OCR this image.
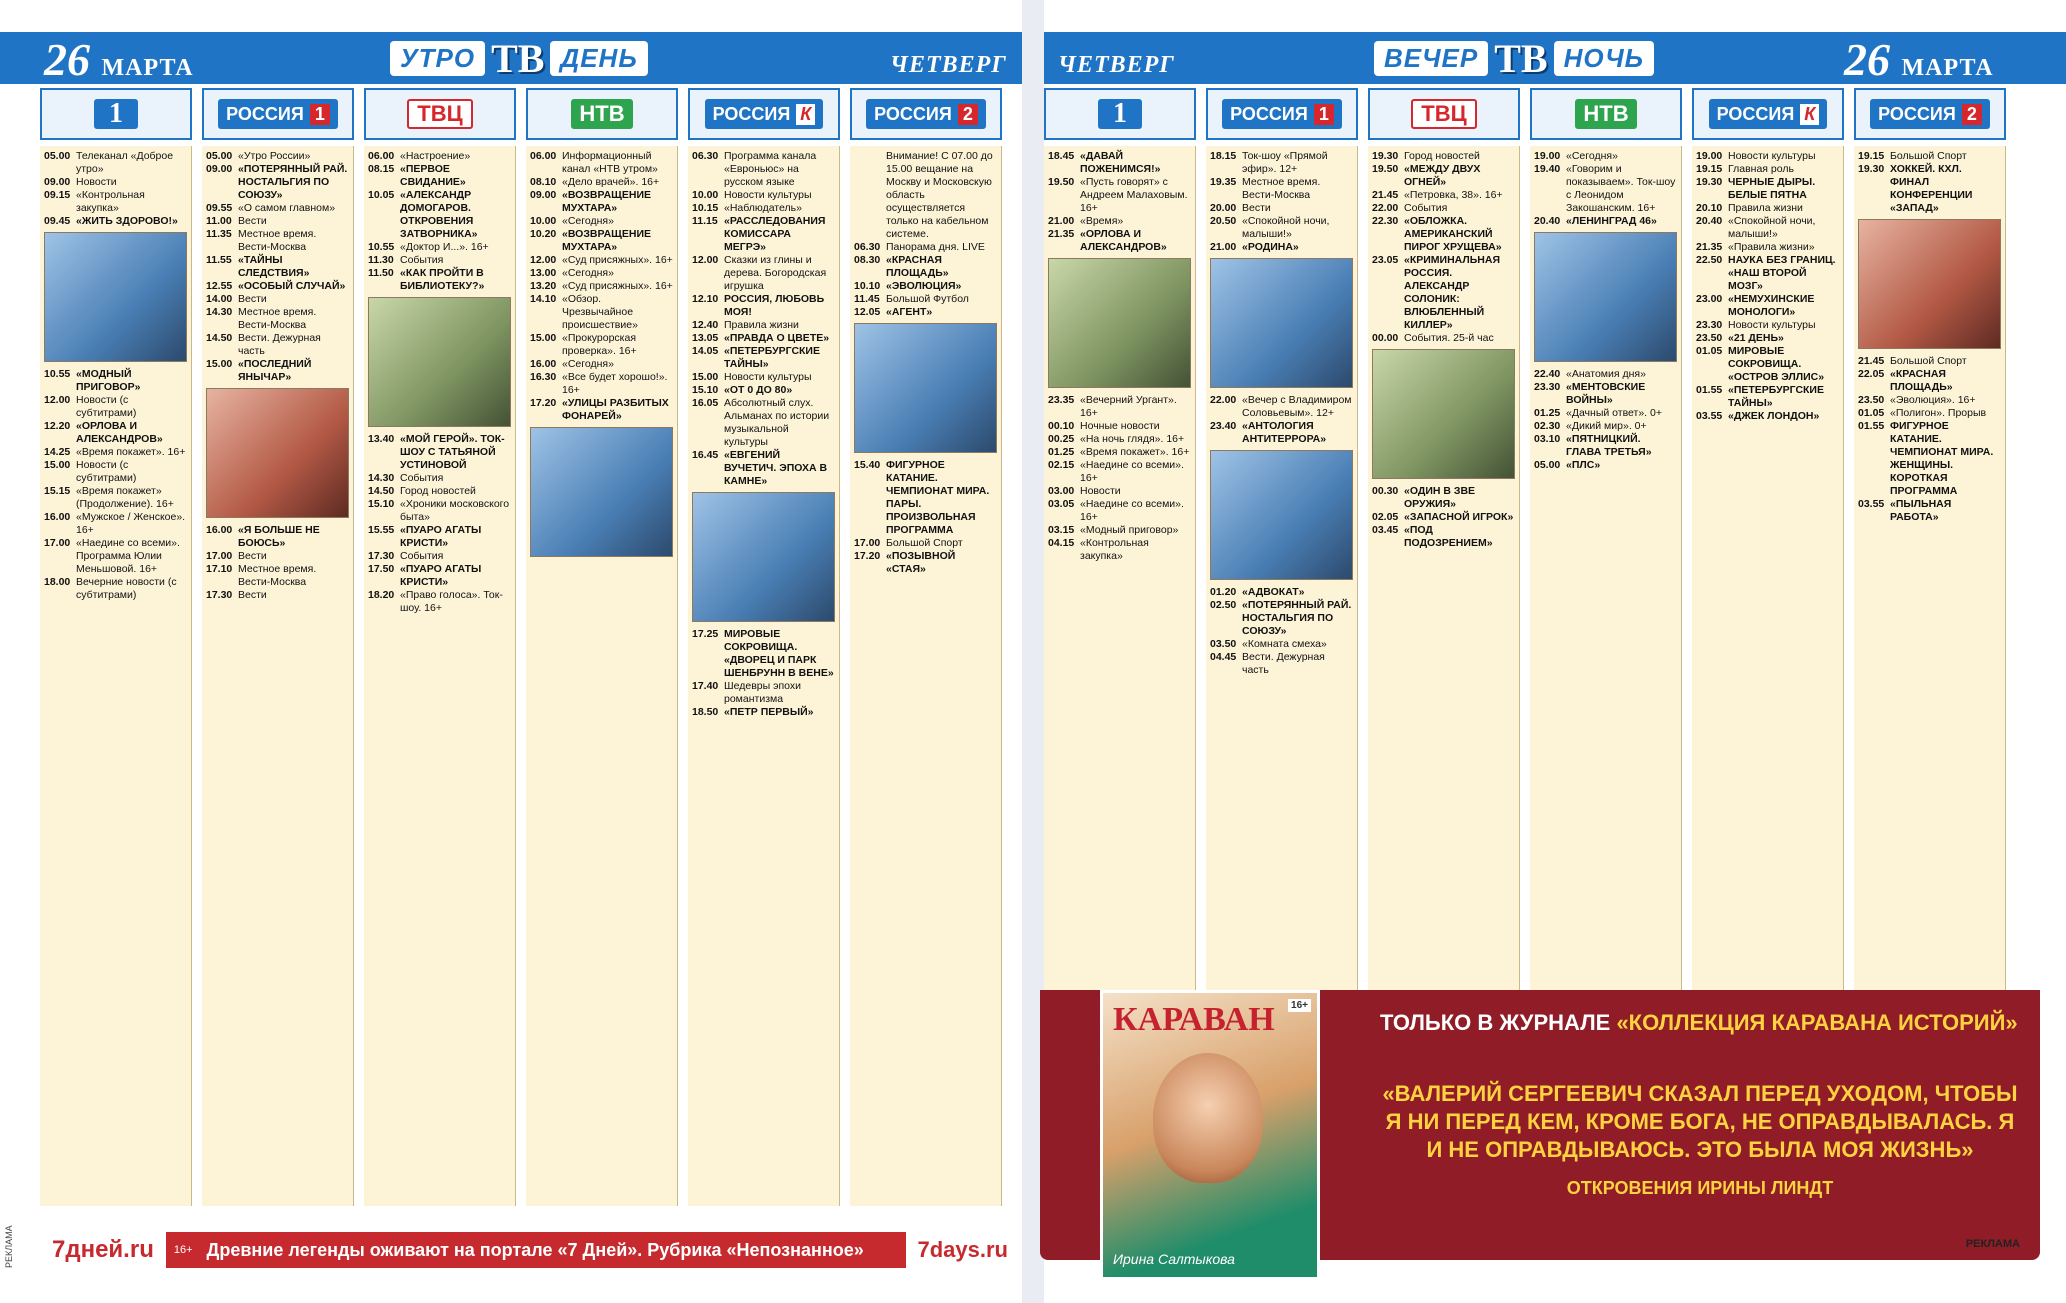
26 МАРТА	УТРО ТВ ДЕНЬ	ЧЕТВЕРГ
1	РОССИЯ 1	ТВЦ	НТВ	РОССИЯ К	РОССИЯ 2
05.00 Телеканал «Доброе утро»
09.00 Новости
09.15 «Контрольная закупка»
09.45 «ЖИТЬ ЗДОРОВО!»
10.55 «МОДНЫЙ ПРИГОВОР»
12.00 Новости (с субтитрами)
12.20 «ОРЛОВА И АЛЕКСАНДРОВ»
14.25 «Время покажет». 16+
15.00 Новости (с субтитрами)
15.15 «Время покажет» (Продолжение). 16+
16.00 «Мужское / Женское». 16+
17.00 «Наедине со всеми». Программа Юлии Меньшовой. 16+
18.00 Вечерние новости (с субтитрами)
05.00 «Утро России»
09.00 «ПОТЕРЯННЫЙ РАЙ. НОСТАЛЬГИЯ ПО СОЮЗУ»
09.55 «О самом главном»
11.00 Вести
11.35 Местное время. Вести-Москва
11.55 «ТАЙНЫ СЛЕДСТВИЯ»
12.55 «ОСОБЫЙ СЛУЧАЙ»
14.00 Вести
14.30 Местное время. Вести-Москва
14.50 Вести. Дежурная часть
15.00 «ПОСЛЕДНИЙ ЯНЫЧАР»
16.00 «Я БОЛЬШЕ НЕ БОЮСЬ»
17.00 Вести
17.10 Местное время. Вести-Москва
17.30 Вести
06.00 «Настроение»
08.15 «ПЕРВОЕ СВИДАНИЕ»
10.05 «АЛЕКСАНДР ДОМОГАРОВ. ОТКРОВЕНИЯ ЗАТВОРНИКА»
10.55 «Доктор И...». 16+
11.30 События
11.50 «КАК ПРОЙТИ В БИБЛИОТЕКУ?»
13.40 «МОЙ ГЕРОЙ». ТОК-ШОУ С ТАТЬЯНОЙ УСТИНОВОЙ
14.30 События
14.50 Город новостей
15.10 «Хроники московского быта»
15.55 «ПУАРО АГАТЫ КРИСТИ»
17.30 События
17.50 «ПУАРО АГАТЫ КРИСТИ»
18.20 «Право голоса». Ток-шоу. 16+
06.00 Информационный канал «НТВ утром»
08.10 «Дело врачей». 16+
09.00 «ВОЗВРАЩЕНИЕ МУХТАРА»
10.00 «Сегодня»
10.20 «ВОЗВРАЩЕНИЕ МУХТАРА»
12.00 «Суд присяжных». 16+
13.00 «Сегодня»
13.20 «Суд присяжных». 16+
14.10 «Обзор. Чрезвычайное происшествие»
15.00 «Прокурорская проверка». 16+
16.00 «Сегодня»
16.30 «Все будет хорошо!». 16+
17.20 «УЛИЦЫ РАЗБИТЫХ ФОНАРЕЙ»
06.30 Программа канала «Евроньюс» на русском языке
10.00 Новости культуры
10.15 «Наблюдатель»
11.15 «РАССЛЕДОВАНИЯ КОМИССАРА МЕГРЭ»
12.00 Сказки из глины и дерева. Богородская игрушка
12.10 РОССИЯ, ЛЮБОВЬ МОЯ!
12.40 Правила жизни
13.05 «ПРАВДА О ЦВЕТЕ»
14.05 «ПЕТЕРБУРГСКИЕ ТАЙНЫ»
15.00 Новости культуры
15.10 «ОТ 0 ДО 80»
16.05 Абсолютный слух. Альманах по истории музыкальной культуры
16.45 «ЕВГЕНИЙ ВУЧЕТИЧ. ЭПОХА В КАМНЕ»
17.25 МИРОВЫЕ СОКРОВИЩА. «ДВОРЕЦ И ПАРК ШЕНБРУНН В ВЕНЕ»
17.40 Шедевры эпохи романтизма
18.50 «ПЕТР ПЕРВЫЙ»
Внимание! С 07.00 до 15.00 вещание на Москву и Московскую область осуществляется только на кабельном системе.
06.30 Панорама дня. LIVE
08.30 «КРАСНАЯ ПЛОЩАДЬ»
10.10 «ЭВОЛЮЦИЯ»
11.45 Большой Футбол
12.05 «АГЕНТ»
15.40 ФИГУРНОЕ КАТАНИЕ. ЧЕМПИОНАТ МИРА. ПАРЫ. ПРОИЗВОЛЬНАЯ ПРОГРАММА
17.00 Большой Спорт
17.20 «ПОЗЫВНОЙ «СТАЯ»
ЧЕТВЕРГ	ВЕЧЕР ТВ НОЧЬ	26 МАРТА
1	РОССИЯ 1	ТВЦ	НТВ	РОССИЯ К	РОССИЯ 2
18.45 «ДАВАЙ ПОЖЕНИМСЯ!»
19.50 «Пусть говорят» с Андреем Малаховым. 16+
21.00 «Время»
21.35 «ОРЛОВА И АЛЕКСАНДРОВ»
23.35 «Вечерний Ургант». 16+
00.10 Ночные новости
00.25 «На ночь глядя». 16+
01.25 «Время покажет». 16+
02.15 «Наедине со всеми». 16+
03.00 Новости
03.05 «Наедине со всеми». 16+
03.15 «Модный приговор»
04.15 «Контрольная закупка»
18.15 Ток-шоу «Прямой эфир». 12+
19.35 Местное время. Вести-Москва
20.00 Вести
20.50 «Спокойной ночи, малыши!»
21.00 «РОДИНА»
22.00 «Вечер с Владимиром Соловьевым». 12+
23.40 «АНТОЛОГИЯ АНТИТЕРРОРА»
01.20 «АДВОКАТ»
02.50 «ПОТЕРЯННЫЙ РАЙ. НОСТАЛЬГИЯ ПО СОЮЗУ»
03.50 «Комната смеха»
04.45 Вести. Дежурная часть
19.30 Город новостей
19.50 «МЕЖДУ ДВУХ ОГНЕЙ»
21.45 «Петровка, 38». 16+
22.00 События
22.30 «ОБЛОЖКА. АМЕРИКАНСКИЙ ПИРОГ ХРУЩЕВА»
23.05 «КРИМИНАЛЬНАЯ РОССИЯ. АЛЕКСАНДР СОЛОНИК: ВЛЮБЛЕННЫЙ КИЛЛЕР»
00.00 События. 25-й час
00.30 «ОДИН В ЗВЕ ОРУЖИЯ»
02.05 «ЗАПАСНОЙ ИГРОК»
03.45 «ПОД ПОДОЗРЕНИЕМ»
19.00 «Сегодня»
19.40 «Говорим и показываем». Ток-шоу с Леонидом Закошанским. 16+
20.40 «ЛЕНИНГРАД 46»
22.40 «Анатомия дня»
23.30 «МЕНТОВСКИЕ ВОЙНЫ»
01.25 «Дачный ответ». 0+
02.30 «Дикий мир». 0+
03.10 «ПЯТНИЦКИЙ. ГЛАВА ТРЕТЬЯ»
05.00 «ПЛС»
19.00 Новости культуры
19.15 Главная роль
19.30 ЧЕРНЫЕ ДЫРЫ. БЕЛЫЕ ПЯТНА
20.10 Правила жизни
20.40 «Спокойной ночи, малыши!»
21.35 «Правила жизни»
22.50 НАУКА БЕЗ ГРАНИЦ. «НАШ ВТОРОЙ МОЗГ»
23.00 «НЕМУХИНСКИЕ МОНОЛОГИ»
23.30 Новости культуры
23.50 «21 ДЕНЬ»
01.05 МИРОВЫЕ СОКРОВИЩА. «ОСТРОВ ЭЛЛИС»
01.55 «ПЕТЕРБУРГСКИЕ ТАЙНЫ»
03.55 «ДЖЕК ЛОНДОН»
19.15 Большой Спорт
19.30 ХОККЕЙ. КХЛ. ФИНАЛ КОНФЕРЕНЦИИ «ЗАПАД»
21.45 Большой Спорт
22.05 «КРАСНАЯ ПЛОЩАДЬ»
23.50 «Эволюция». 16+
01.05 «Полигон». Прорыв
01.55 ФИГУРНОЕ КАТАНИЕ. ЧЕМПИОНАТ МИРА. ЖЕНЩИНЫ. КОРОТКАЯ ПРОГРАММА
03.55 «ПЫЛЬНАЯ РАБОТА»
РЕКЛАМА	7дней.ru	16+ Древние легенды оживают на портале «7 Дней». Рубрика «Непознанное»	7days.ru
КАРАВАН	16+
Ирина Салтыкова
ТОЛЬКО В ЖУРНАЛЕ «КОЛЛЕКЦИЯ КАРАВАНА ИСТОРИЙ»
«ВАЛЕРИЙ СЕРГЕЕВИЧ СКАЗАЛ ПЕРЕД УХОДОМ, ЧТОБЫ Я НИ ПЕРЕД КЕМ, КРОМЕ БОГА, НЕ ОПРАВДЫВАЛАСЬ. Я И НЕ ОПРАВДЫВАЮСЬ. ЭТО БЫЛА МОЯ ЖИЗНЬ»
ОТКРОВЕНИЯ ИРИНЫ ЛИНДТ
РЕКЛАМА
